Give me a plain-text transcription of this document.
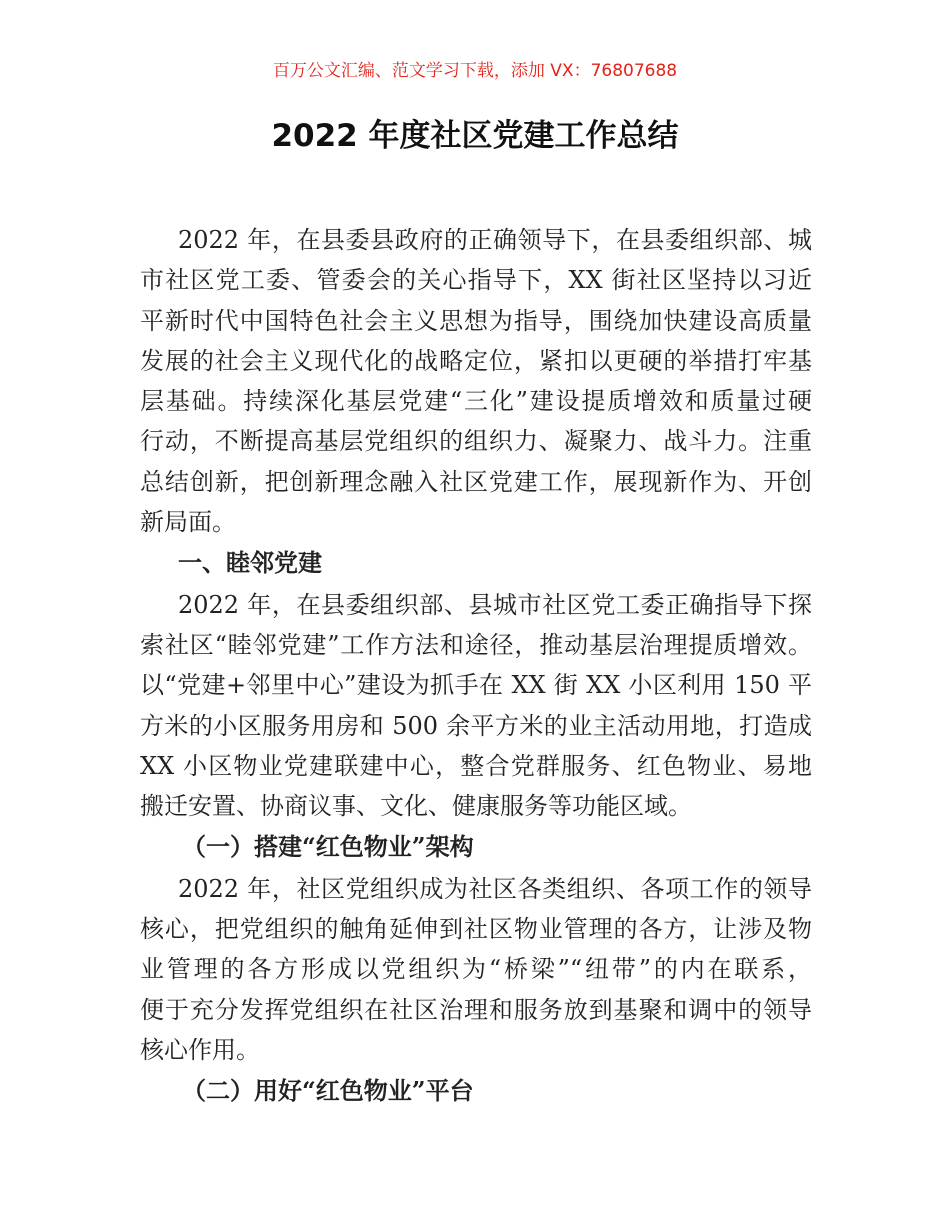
百万公文汇编、范文学习下载，添加 VX：76807688
2022 年度社区党建工作总结
2022 年，在县委县政府的正确领导下，在县委组织部、城
市社区党工委、管委会的关心指导下，XX 街社区坚持以习近
平新时代中国特色社会主义思想为指导，围绕加快建设高质量
发展的社会主义现代化的战略定位，紧扣以更硬的举措打牢基
层基础。持续深化基层党建“三化”建设提质增效和质量过硬
行动，不断提高基层党组织的组织力、凝聚力、战斗力。注重
总结创新，把创新理念融入社区党建工作，展现新作为、开创
新局面。
一、睦邻党建
2022 年，在县委组织部、县城市社区党工委正确指导下探
索社区“睦邻党建”工作方法和途径，推动基层治理提质增效。
以“党建+邻里中心”建设为抓手在 XX 街 XX 小区利用 150 平
方米的小区服务用房和 500 余平方米的业主活动用地，打造成
XX 小区物业党建联建中心，整合党群服务、红色物业、易地
搬迁安置、协商议事、文化、健康服务等功能区域。
（一）搭建“红色物业”架构
2022 年，社区党组织成为社区各类组织、各项工作的领导
核心，把党组织的触角延伸到社区物业管理的各方，让涉及物
业管理的各方形成以党组织为“桥梁”“纽带”的内在联系，
便于充分发挥党组织在社区治理和服务放到基聚和调中的领导
核心作用。
（二）用好“红色物业”平台
